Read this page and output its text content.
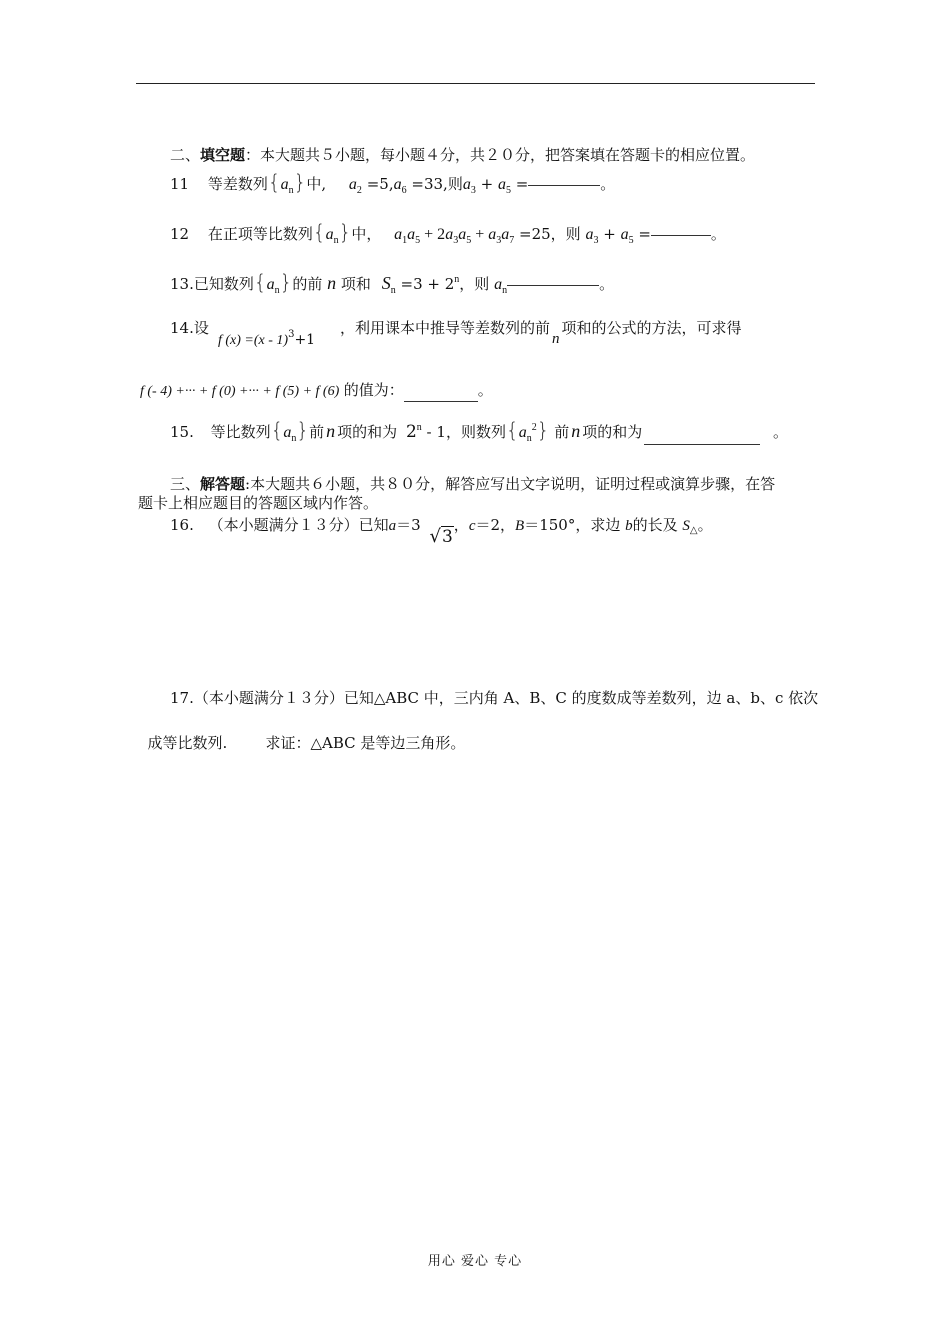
二、填空题：本大题共５小题，每小题４分，共２０分，把答案填在答题卡的相应位置。
11 等差数列$\{a_n\}$中, $a_2 =5,a_6 =33$,则$a_3 + a_5$ =	。
12 在正项等比数列$\{a_n\}$中， $a_1a_5 + 2a_3a_5 + a_3a_7 =25$，则 $a_3 + a_5$ =	。
13.已知数列$\{a_n\}$的前 n 项和 $S_n =3 + 2^n$，则 $a_n$	。
14.设
f (x) =(x - 1)$^3$+1
，利用课本中推导等差数列的前n项和的公式的方法，可求得
f (- 4) +··· + f (0) +··· + f (5) + f (6) 的值为：	。
15. 等比数列$\{a_n\}$前 n 项的和为 2$^n$ - 1，则数列$\{a_n^2\}$ 前 n 项的和为	。
三、解答题:本大题共６小题，共８０分，解答应写出文字说明，证明过程或演算步骤，在答
题卡上相应题目的答题区域内作答。
16. （本小题满分１３分）已知a＝3 √3，c＝2，B＝150°，求边 b的长及 $S_\triangle$。
17.（本小题满分１３分）已知△ABC 中，三内角 A、B、C 的度数成等差数列，边 a、b、c 依次

成等比数列.        求证：△ABC 是等边三角形。

用心 爱心 专心
